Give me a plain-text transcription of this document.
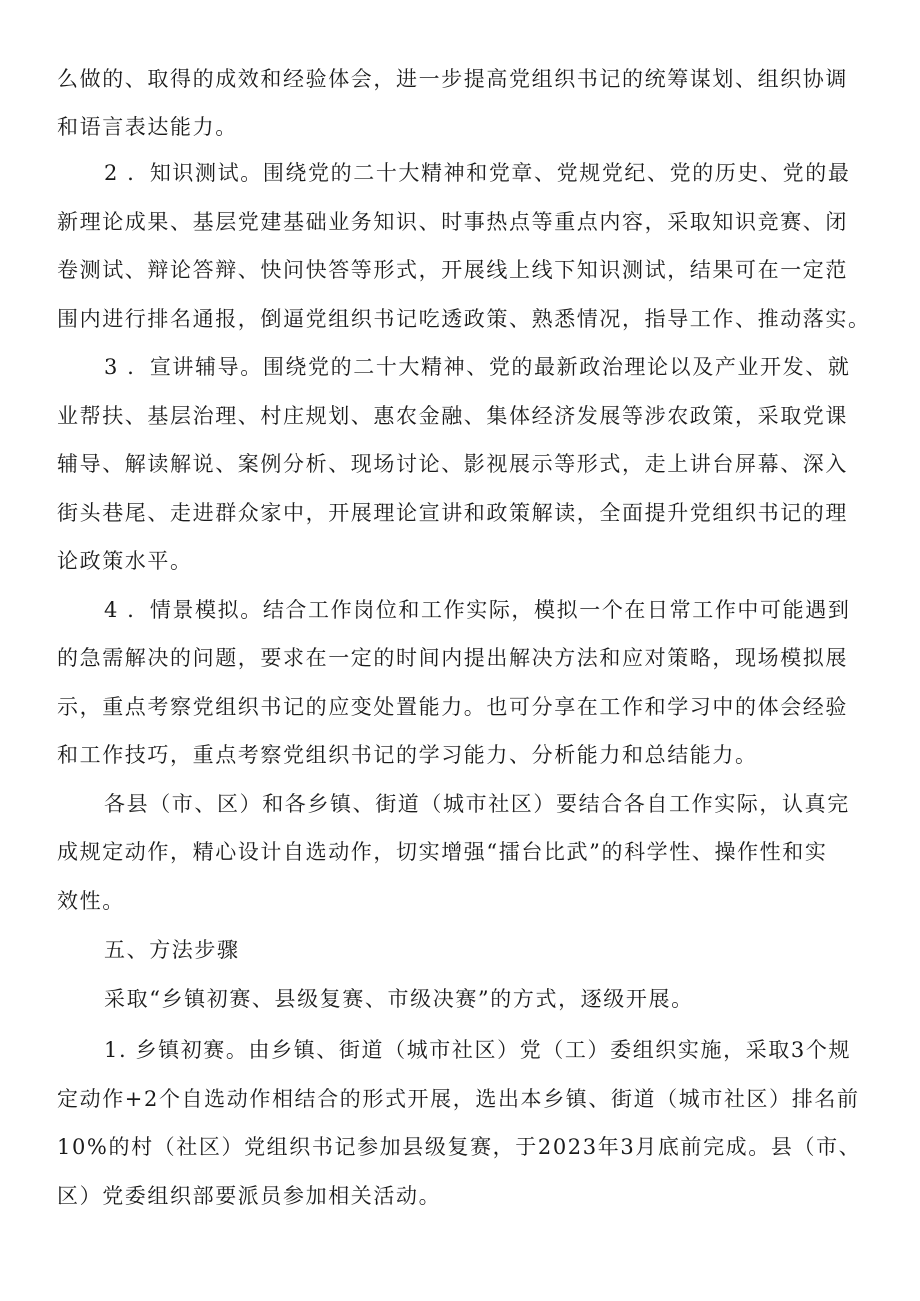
么做的、取得的成效和经验体会，进一步提高党组织书记的统筹谋划、组织协调
和语言表达能力。
2 ．知识测试。围绕党的二十大精神和党章、党规党纪、党的历史、党的最
新理论成果、基层党建基础业务知识、时事热点等重点内容，采取知识竞赛、闭
卷测试、辩论答辩、快问快答等形式，开展线上线下知识测试，结果可在一定范
围内进行排名通报，倒逼党组织书记吃透政策、熟悉情况，指导工作、推动落实。
3 ．宣讲辅导。围绕党的二十大精神、党的最新政治理论以及产业开发、就
业帮扶、基层治理、村庄规划、惠农金融、集体经济发展等涉农政策，采取党课
辅导、解读解说、案例分析、现场讨论、影视展示等形式，走上讲台屏幕、深入
街头巷尾、走进群众家中，开展理论宣讲和政策解读，全面提升党组织书记的理
论政策水平。
4 ．情景模拟。结合工作岗位和工作实际，模拟一个在日常工作中可能遇到
的急需解决的问题，要求在一定的时间内提出解决方法和应对策略，现场模拟展
示，重点考察党组织书记的应变处置能力。也可分享在工作和学习中的体会经验
和工作技巧，重点考察党组织书记的学习能力、分析能力和总结能力。
各县（市、区）和各乡镇、街道（城市社区）要结合各自工作实际，认真完
成规定动作，精心设计自选动作，切实增强“擂台比武”的科学性、操作性和实
效性。
五、方法步骤
采取“乡镇初赛、县级复赛、市级决赛”的方式，逐级开展。
1. 乡镇初赛。由乡镇、街道（城市社区）党（工）委组织实施，采取3个规
定动作+2个自选动作相结合的形式开展，选出本乡镇、街道（城市社区）排名前
10%的村（社区）党组织书记参加县级复赛，于2023年3月底前完成。县（市、
区）党委组织部要派员参加相关活动。
